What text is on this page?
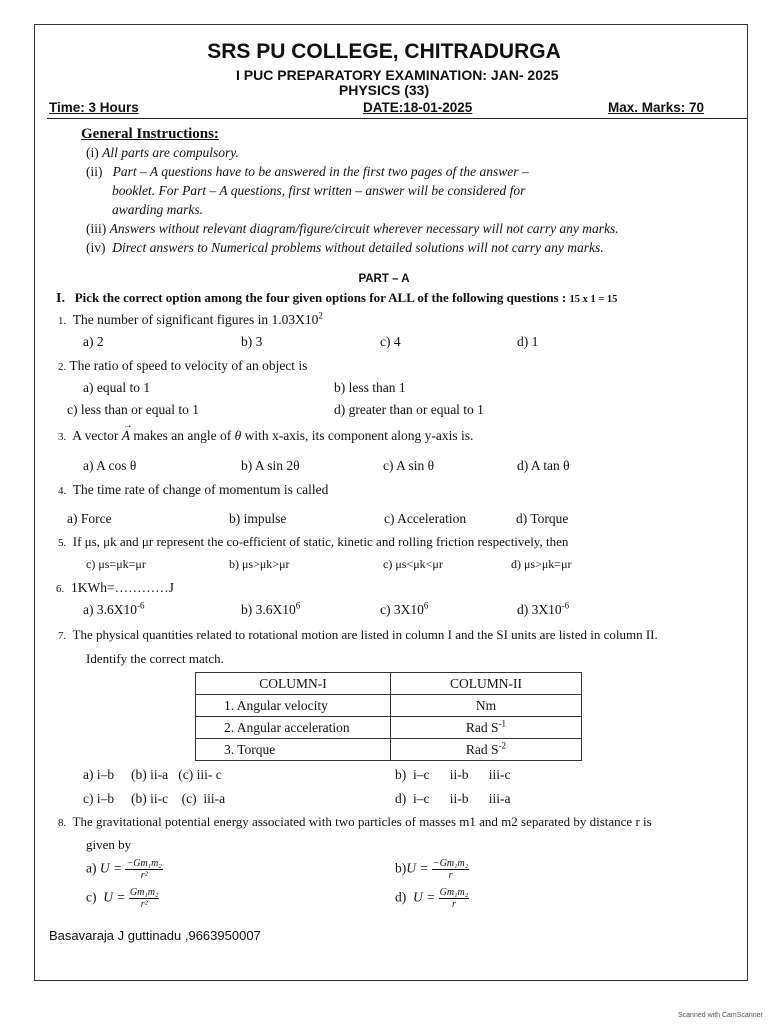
SRS PU COLLEGE, CHITRADURGA
I PUC PREPARATORY EXAMINATION: JAN- 2025
PHYSICS (33)
Time: 3 Hours	DATE:18-01-2025	Max. Marks: 70
General Instructions:
(i) All parts are compulsory.
(ii) Part – A questions have to be answered in the first two pages of the answer –
booklet. For Part – A questions, first written – answer will be considered for
awarding marks.
(iii) Answers without relevant diagram/figure/circuit wherever necessary will not carry any marks.
(iv) Direct answers to Numerical problems without detailed solutions will not carry any marks.
PART – A
I. Pick the correct option among the four given options for ALL of the following questions : 15 x 1 = 15
1. The number of significant figures in $1.03X10^2$
a) 2	b) 3	c) 4	d) 1
2. The ratio of speed to velocity of an object is
a) equal to 1	b) less than 1
c) less than or equal to 1	d) greater than or equal to 1
3. A vector
→
A makes an angle of θ with x-axis, its component along y-axis is.
a) A cos θ	b) A sin 2θ	c) A sin θ	d) A tan θ
4. The time rate of change of momentum is called
a) Force	b) impulse	c) Acceleration	d) Torque
5. If μs, μk and μr represent the co-efficient of static, kinetic and rolling friction respectively, then
c) μs=μk=μr	b) μs>μk>μr	c) μs<μk<μr	d) μs>μk=μr
6. 1KWh=…………J
a) $3.6X10^{-6}$	b) $3.6X10^6$	c) $3X10^6$	d) $3X10^{-6}$
7. The physical quantities related to rotational motion are listed in column I and the SI units are listed in column II.
Identify the correct match.
COLUMN-I	COLUMN-II
1. Angular velocity	Nm
2. Angular acceleration	Rad $S^{-1}$
3. Torque	Rad $S^{-2}$
a) i–b     (b) ii-a   (c) iii- c	b)  i–c      ii-b      iii-c
c) i–b     (b) ii-c    (c)  iii-a	d)  i–c      ii-b      iii-a
8. The gravitational potential energy associated with two particles of masses m1 and m2 separated by distance r is
given by
a) $U = \frac{\text{−Gm₁m₂}}{\text{r²}}$	$b)U = \frac{\text{−Gm₁m₂}}{r}$
c) $U = \frac{\text{Gm₁m₂}}{\text{r²}}$	d) $U = \frac{\text{Gm₁m₂}}{r}$
Basavaraja J guttinadu ,9663950007
Scanned with CamScanner
